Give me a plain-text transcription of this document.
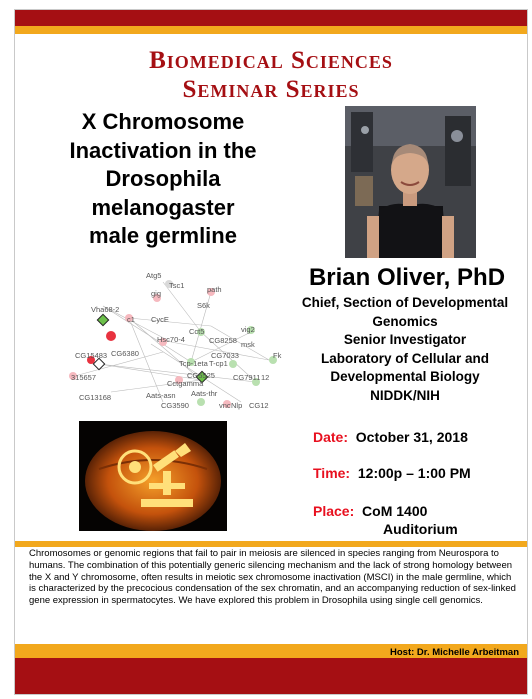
Biomedical Sciences
Seminar Series
X Chromosome
Inactivation in the
Drosophila
melanogaster
male germline
Brian Oliver, PhD
Chief, Section of Developmental
Genomics
Senior Investigator
Laboratory of Cellular and
Developmental Biology
NIDDK/NIH
Atg5
Tsc1
gig	path
S6k
Vha68-2
c1 CycE
Cct5	vig2
Hsc70-4	CG8258
CG6380
msk
CG15483	CG7033	Fk
Tcp-1eta T-cp1
315657	CG5525 CG7911 12
Cctgamma
CG13168	Aats-asn Aats-thr
CG3590	vnc Nlp CG12
Date: October 31, 2018
Time: 12:00p – 1:00 PM
Place: CoM 1400
Auditorium
Chromosomes or genomic regions that fail to pair in meiosis are silenced in species ranging from Neurospora to humans. The combination of this potentially generic silencing mechanism and the lack of strong homology between the X and Y chromosome, often results in meiotic sex chromosome inactivation (MSCI) in the male germline, which is characterized by the precocious condensation of the sex chromatin, and an accompanying reduction of sex-linked gene expression in spermatocytes. We have explored this problem in Drosophila using single cell genomics.
Host: Dr. Michelle Arbeitman
